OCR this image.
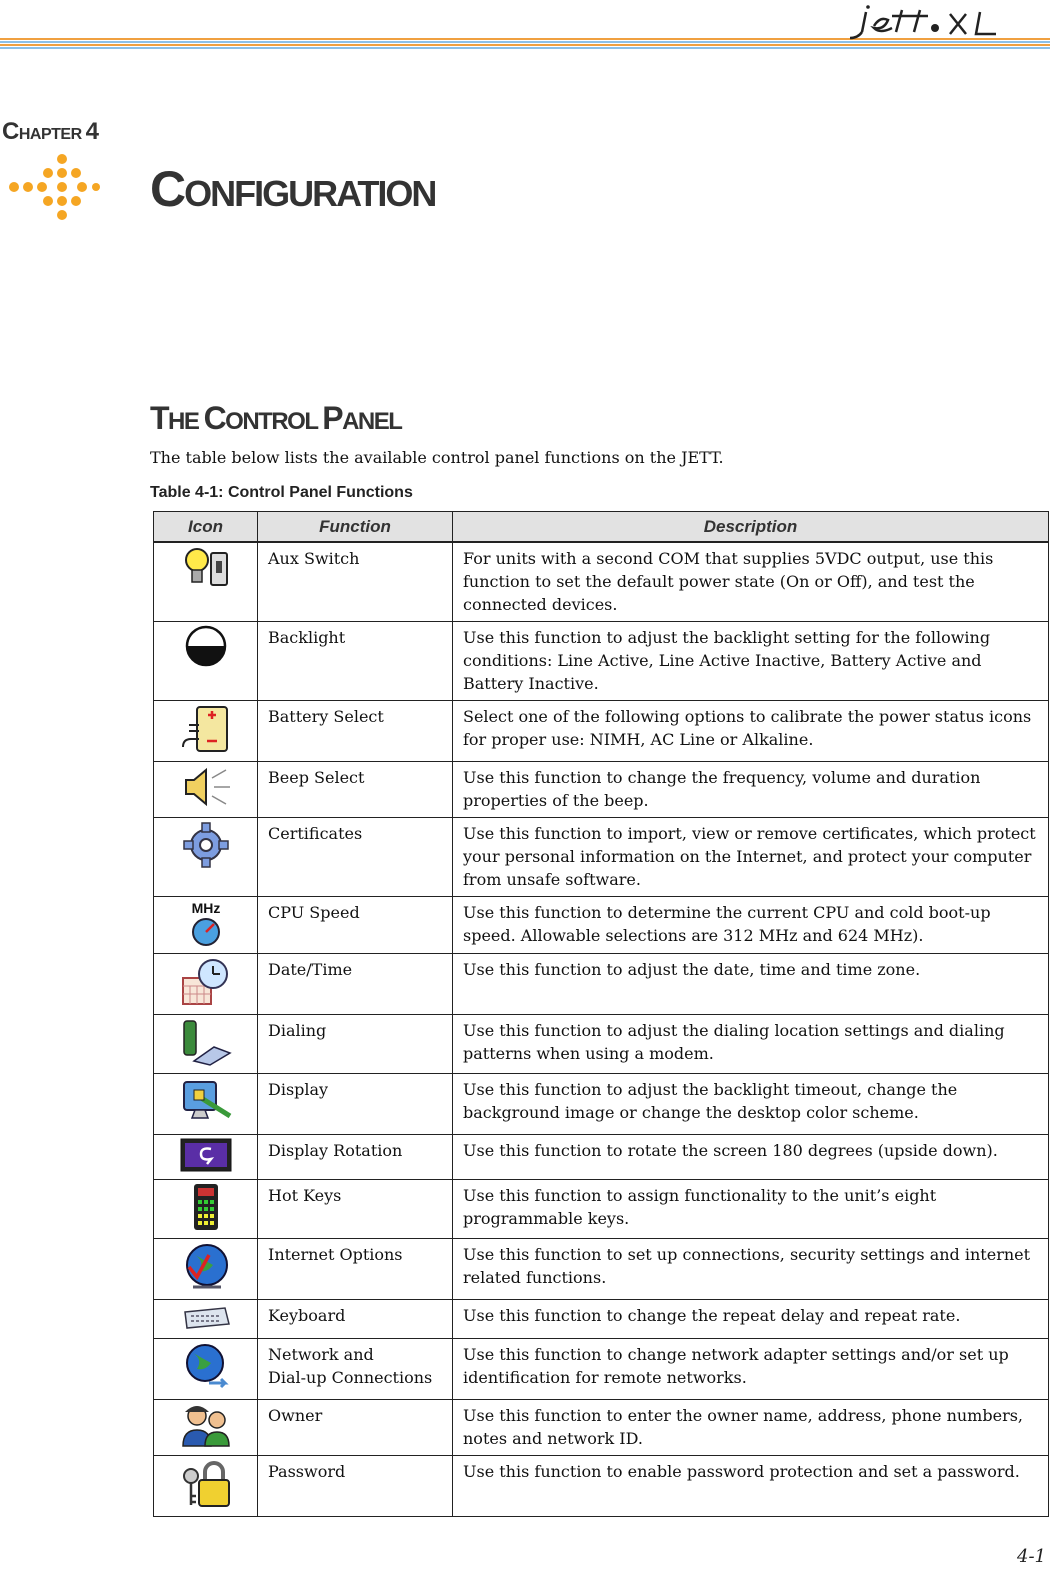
CHAPTER 4
CONFIGURATION
THE CONTROL PANEL
The table below lists the available control panel functions on the JETT.
Table 4-1: Control Panel Functions
Icon	Function	Description
	Aux Switch	For units with a second COM that supplies 5VDC output, use this function to set the default power state (On or Off), and test the connected devices.
	Backlight	Use this function to adjust the backlight setting for the following conditions: Line Active, Line Active Inactive, Battery Active and Battery Inactive.
	Battery Select	Select one of the following options to calibrate the power status icons for proper use: NIMH, AC Line or Alkaline.
	Beep Select	Use this function to change the frequency, volume and duration properties of the beep.
	Certificates	Use this function to import, view or remove certificates, which protect your personal information on the Internet, and protect your computer from unsafe software.

MHz	CPU Speed	Use this function to determine the current CPU and cold boot-up speed. Allowable selections are 312 MHz and 624 MHz).
	Date/Time	Use this function to adjust the date, time and time zone.
	Dialing	Use this function to adjust the dialing location settings and dialing patterns when using a modem.
	Display	Use this function to adjust the backlight timeout, change the background image or change the desktop color scheme.
	Display Rotation	Use this function to rotate the screen 180 degrees (upside down).
	Hot Keys	Use this function to assign functionality to the unit’s eight programmable keys.
	Internet Options	Use this function to set up connections, security settings and internet related functions.
	Keyboard	Use this function to change the repeat delay and repeat rate.
	Network and
Dial-up Connections	Use this function to change network adapter settings and/or set up identification for remote networks.
	Owner	Use this function to enter the owner name, address, phone numbers, notes and network ID.
	Password	Use this function to enable password protection and set a password.
4-1
